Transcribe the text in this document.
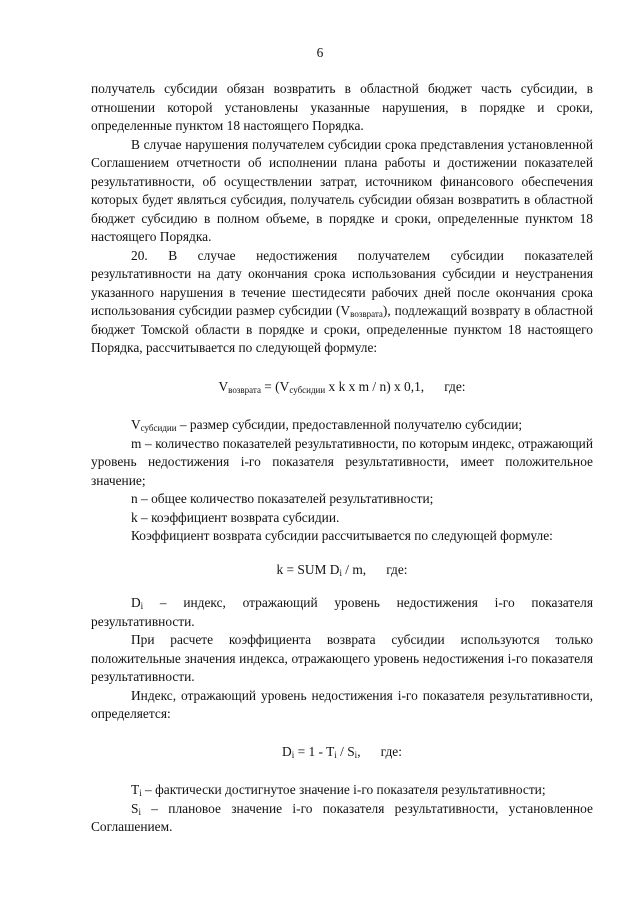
6

получатель субсидии обязан возвратить в областной бюджет часть субсидии, в отношении которой установлены указанные нарушения, в порядке и сроки, определенные пунктом 18 настоящего Порядка.

В случае нарушения получателем субсидии срока представления установленной Соглашением отчетности об исполнении плана работы и достижении показателей результативности, об осуществлении затрат, источником финансового обеспечения которых будет являться субсидия, получатель субсидии обязан возвратить в областной бюджет субсидию в полном объеме, в порядке и сроки, определенные пунктом 18 настоящего Порядка.

20. В случае недостижения получателем субсидии показателей результативности на дату окончания срока использования субсидии и неустранения указанного нарушения в течение шестидесяти рабочих дней после окончания срока использования субсидии размер субсидии $(V_{возврата})$, подлежащий возврату в областной бюджет Томской области в порядке и сроки, определенные пунктом 18 настоящего Порядка, рассчитывается по следующей формуле:

$V_{возврата} = (V_{субсидии}$ x k x m / n) x 0,1,      где:

$V_{субсидии}$ – размер субсидии, предоставленной получателю субсидии;

m – количество показателей результативности, по которым индекс, отражающий уровень недостижения i-го показателя результативности, имеет положительное значение;

n – общее количество показателей результативности;

k – коэффициент возврата субсидии.

Коэффициент возврата субсидии рассчитывается по следующей формуле:

k = SUM $D_i$ / m,      где:

$D_i$ – индекс, отражающий уровень недостижения i-го показателя результативности.

При расчете коэффициента возврата субсидии используются только положительные значения индекса, отражающего уровень недостижения i-го показателя результативности.

Индекс, отражающий уровень недостижения i-го показателя результативности, определяется:

$D_i = 1 - T_i / S_i$,      где:

$T_i$ – фактически достигнутое значение i-го показателя результативности;

$S_i$ – плановое значение i-го показателя результативности, установленное Соглашением.
